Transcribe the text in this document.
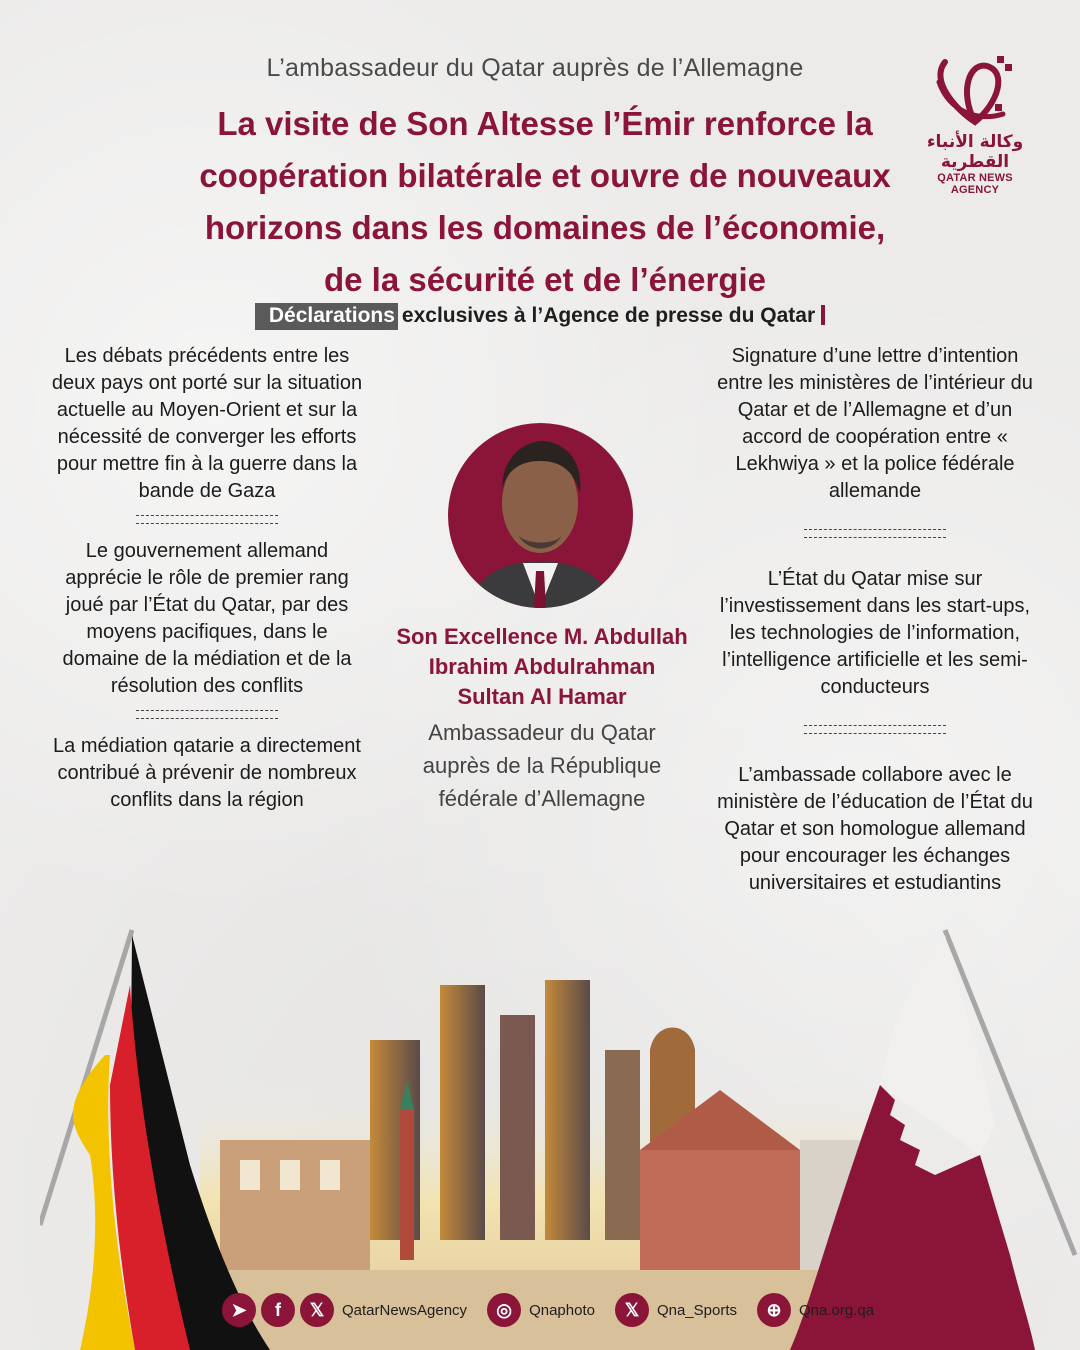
L’ambassadeur du Qatar auprès de l’Allemagne
La visite de Son Altesse l’Émir renforce la
coopération bilatérale et ouvre de nouveaux
horizons dans les domaines de l’économie,
de la sécurité et de l’énergie
Déclarations exclusives à l’Agence de presse du Qatar
وكالة الأنباء القطرية
QATAR NEWS AGENCY

Les débats précédents entre les deux pays ont porté sur la situation actuelle au Moyen-Orient et sur la nécessité de converger les efforts pour mettre fin à la guerre dans la bande de Gaza

Le gouvernement allemand apprécie le rôle de premier rang joué par l’État du Qatar, par des moyens pacifiques, dans le domaine de la médiation et de la résolution des conflits

La médiation qatarie a directement contribué à prévenir de nombreux conflits dans la région

Signature d’une lettre d’intention entre les ministères de l’intérieur du Qatar et de l’Allemagne et d’un accord de coopération entre « Lekhwiya » et la police fédérale allemande

L’État du Qatar mise sur l’investissement dans les start-ups, les technologies de l’information, l’intelligence artificielle et les semi-conducteurs

L’ambassade collabore avec le ministère de l’éducation de l’État du Qatar et son homologue allemand pour encourager les échanges universitaires et estudiantins

Son Excellence M. Abdullah
Ibrahim Abdulrahman
Sultan Al Hamar
Ambassadeur du Qatar
auprès de la République
fédérale d’Allemagne
➤	f	𝕏	QatarNewsAgency	◎	Qnaphoto	𝕏	Qna_Sports	⊕	Qna.org.qa
